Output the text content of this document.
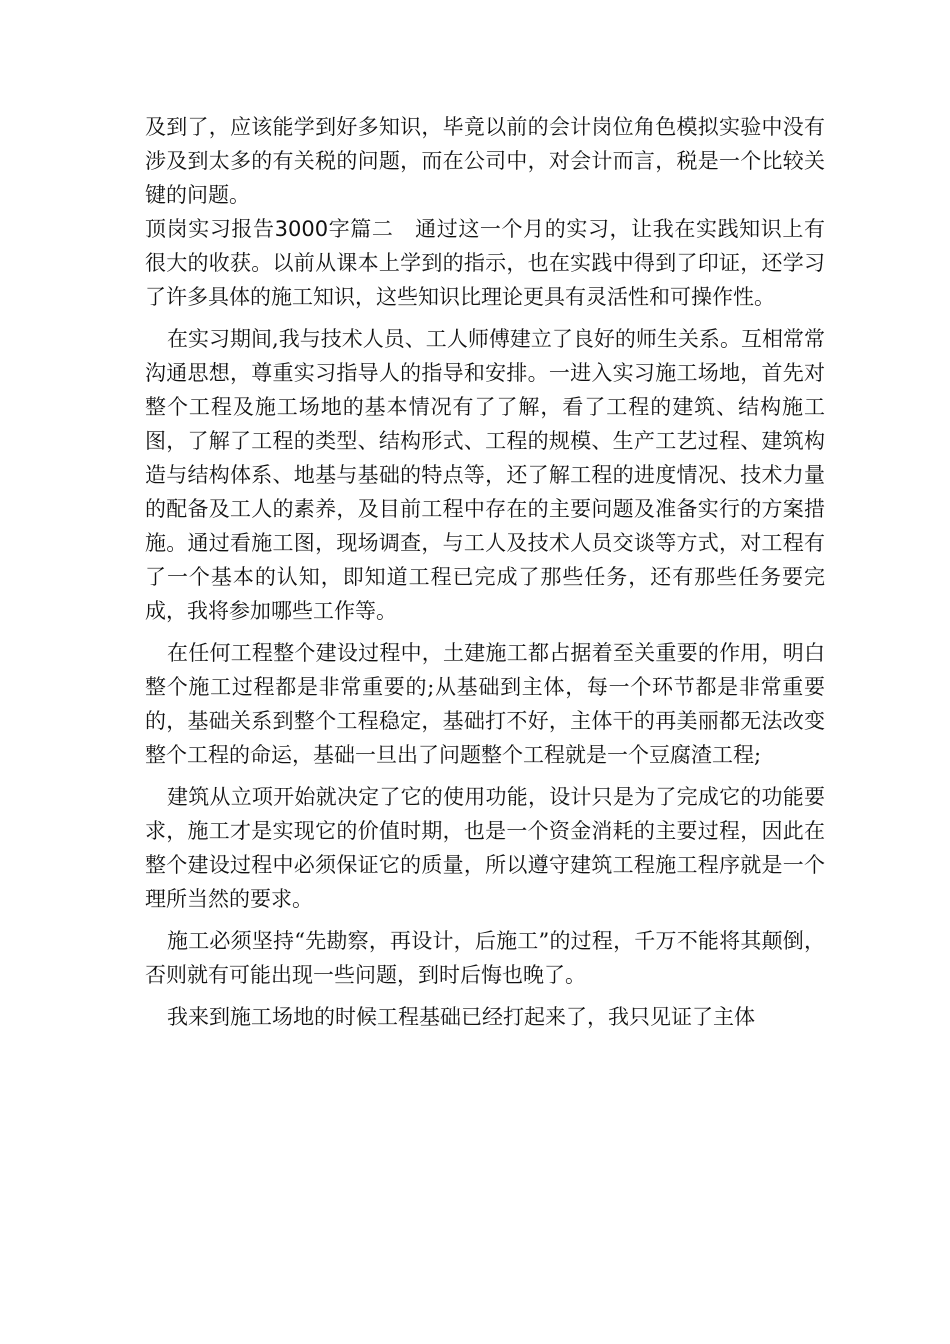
及到了，应该能学到好多知识，毕竟以前的会计岗位角色模拟实验中没有涉及到太多的有关税的问题，而在公司中，对会计而言，税是一个比较关键的问题。

顶岗实习报告3000字篇二　通过这一个月的实习，让我在实践知识上有很大的收获。以前从课本上学到的指示，也在实践中得到了印证，还学习了许多具体的施工知识，这些知识比理论更具有灵活性和可操作性。

在实习期间,我与技术人员、工人师傅建立了良好的师生关系。互相常常沟通思想，尊重实习指导人的指导和安排。一进入实习施工场地，首先对整个工程及施工场地的基本情况有了了解，看了工程的建筑、结构施工图，了解了工程的类型、结构形式、工程的规模、生产工艺过程、建筑构造与结构体系、地基与基础的特点等，还了解工程的进度情况、技术力量的配备及工人的素养，及目前工程中存在的主要问题及准备实行的方案措施。通过看施工图，现场调查，与工人及技术人员交谈等方式，对工程有了一个基本的认知，即知道工程已完成了那些任务，还有那些任务要完成，我将参加哪些工作等。

在任何工程整个建设过程中，土建施工都占据着至关重要的作用，明白整个施工过程都是非常重要的;从基础到主体，每一个环节都是非常重要的，基础关系到整个工程稳定，基础打不好，主体干的再美丽都无法改变整个工程的命运，基础一旦出了问题整个工程就是一个豆腐渣工程;

建筑从立项开始就决定了它的使用功能，设计只是为了完成它的功能要求，施工才是实现它的价值时期，也是一个资金消耗的主要过程，因此在整个建设过程中必须保证它的质量，所以遵守建筑工程施工程序就是一个理所当然的要求。

施工必须坚持“先勘察，再设计，后施工”的过程，千万不能将其颠倒，否则就有可能出现一些问题，到时后悔也晚了。

我来到施工场地的时候工程基础已经打起来了，我只见证了主体
